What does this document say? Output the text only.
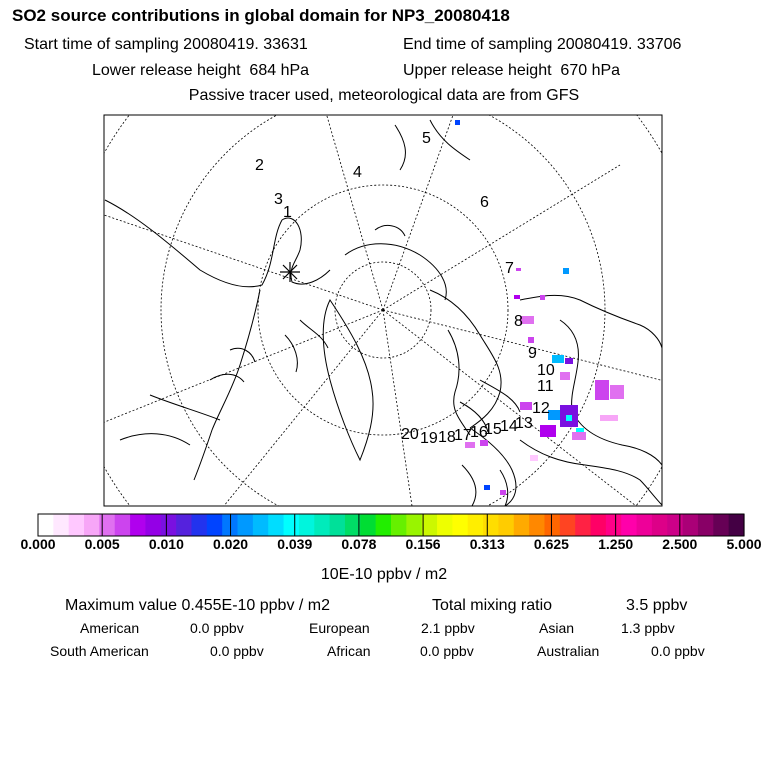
SO2 source contributions in global domain for NP3_20080418
Start time of sampling 20080419. 33631	End time of sampling 20080419. 33706
Lower release height  684 hPa	Upper release height  670 hPa
Passive tracer used, meteorological data are from GFS
1
2
3
4
5
6
7
8
9
10
11
12
13
14
15
16
17
18
19
20
0.000 0.005 0.010 0.020 0.039 0.078 0.156 0.313 0.625 1.250 2.500 5.000
10E-10 ppbv / m2
Maximum value 0.455E-10 ppbv / m2	Total mixing ratio	3.5 ppbv
American	0.0 ppbv	European	2.1 ppbv	Asian	1.3 ppbv
South American	0.0 ppbv	African	0.0 ppbv	Australian	0.0 ppbv
